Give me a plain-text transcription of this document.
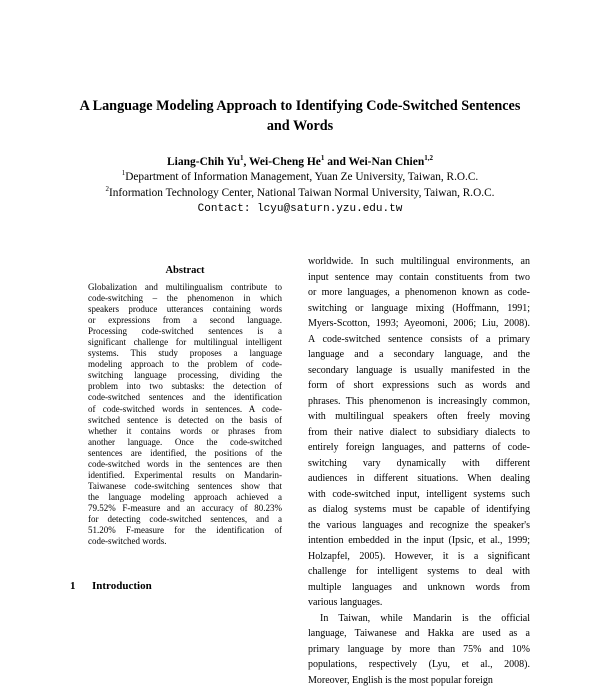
A Language Modeling Approach to Identifying Code-Switched Sentences
and Words
Liang-Chih Yu$^1$, Wei-Cheng He$^1$ and Wei-Nan Chien$^{1,2}$
$^1$Department of Information Management, Yuan Ze University, Taiwan, R.O.C.
$^2$Information Technology Center, National Taiwan Normal University, Taiwan, R.O.C.
Contact: lcyu@saturn.yzu.edu.tw
Abstract
Globalization and multilingualism contribute to
code-switching – the phenomenon in which
speakers produce utterances containing words
or expressions from a second language.
Processing code-switched sentences is a
significant challenge for multilingual intelligent
systems. This study proposes a language
modeling approach to the problem of code-
switching language processing, dividing the
problem into two subtasks: the detection of
code-switched sentences and the identification
of code-switched words in sentences. A code-
switched sentence is detected on the basis of
whether it contains words or phrases from
another language. Once the code-switched
sentences are identified, the positions of the
code-switched words in the sentences are then
identified. Experimental results on Mandarin-
Taiwanese code-switching sentences show that
the language modeling approach achieved a
79.52% F-measure and an accuracy of 80.23%
for detecting code-switched sentences, and a
51.20% F-measure for the identification of
code-switched words.
1 Introduction
worldwide. In such multilingual environments, an
input sentence may contain constituents from two
or more languages, a phenomenon known as code-
switching or language mixing (Hoffmann, 1991;
Myers-Scotton, 1993; Ayeomoni, 2006; Liu, 2008).
A code-switched sentence consists of a primary
language and a secondary language, and the
secondary language is usually manifested in the
form of short expressions such as words and
phrases. This phenomenon is increasingly common,
with multilingual speakers often freely moving
from their native dialect to subsidiary dialects to
entirely foreign languages, and patterns of code-
switching vary dynamically with different
audiences in different situations. When dealing
with code-switched input, intelligent systems such
as dialog systems must be capable of identifying
the various languages and recognize the speaker's
intention embedded in the input (Ipsic, et al., 1999;
Holzapfel, 2005). However, it is a significant
challenge for intelligent systems to deal with
multiple languages and unknown words from
various languages.
In Taiwan, while Mandarin is the official
language, Taiwanese and Hakka are used as a
primary language by more than 75% and 10%
populations, respectively (Lyu, et al., 2008).
Moreover, English is the most popular foreign
